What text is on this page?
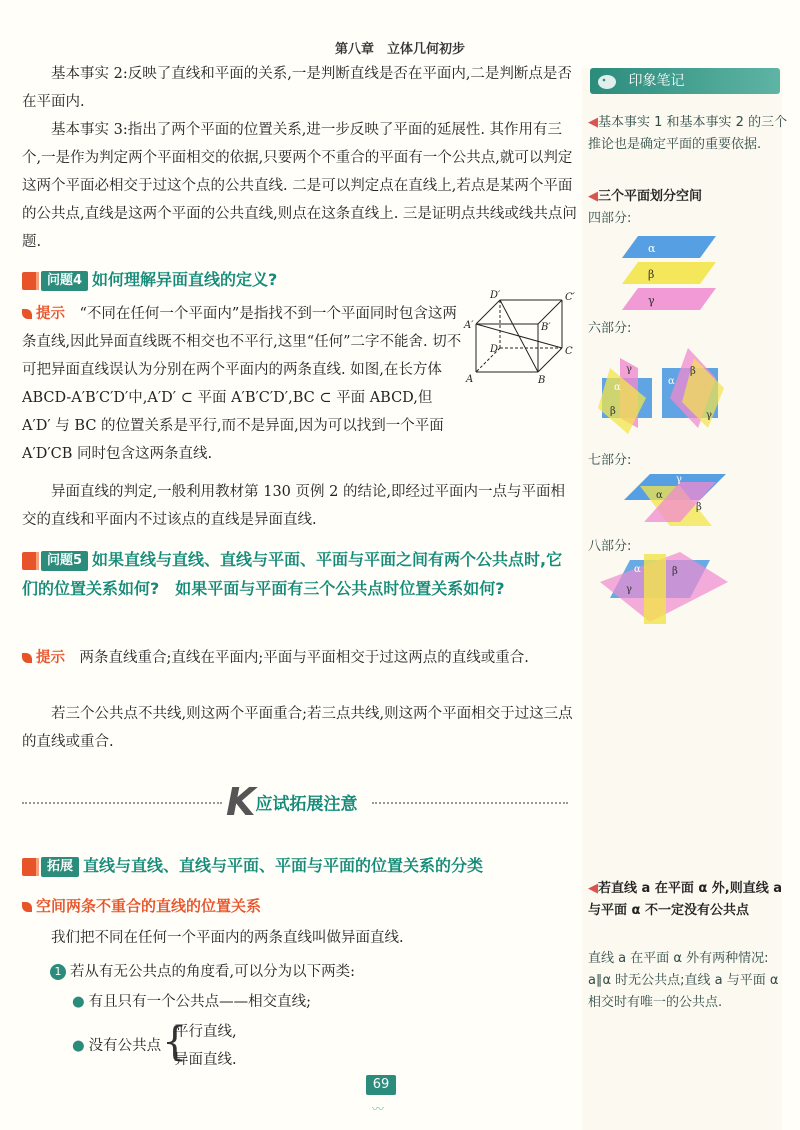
第八章　立体几何初步
印象笔记
◀基本事实 1 和基本事实 2 的三个推论也是确定平面的重要依据.
◀三个平面划分空间
四部分:
α
β
γ
六部分:
α
β
γ
α
β
γ
七部分:
γ
α
β
八部分:
α	β
γ
◀若直线 a 在平面 α 外,则直线 a 与平面 α 不一定没有公共点
直线 a 在平面 α 外有两种情况: a∥α 时无公共点;直线 a 与平面 α 相交时有唯一的公共点.
基本事实 2:反映了直线和平面的关系,一是判断直线是否在平面内,二是判断点是否在平面内.
基本事实 3:指出了两个平面的位置关系,进一步反映了平面的延展性. 其作用有三个,一是作为判定两个平面相交的依据,只要两个不重合的平面有一个公共点,就可以判定这两个平面必相交于过这个点的公共直线. 二是可以判定点在直线上,若点是某两个平面的公共点,直线是这两个平面的公共直线,则点在这条直线上. 三是证明点共线或线共点问题.
问题4 如何理解异面直线的定义?
A′
D′	C′
B′
D	C
A	B
提示　 “不同在任何一个平面内”是指找不到一个平面同时包含这两条直线,因此异面直线既不相交也不平行,这里“任何”二字不能舍. 切不可把异面直线误认为分别在两个平面内的两条直线. 如图,在长方体 ABCD-A′B′C′D′中,A′D′ ⊂ 平面 A′B′C′D′,BC ⊂ 平面 ABCD,但 A′D′ 与 BC 的位置关系是平行,而不是异面,因为可以找到一个平面 A′D′CB 同时包含这两条直线.
异面直线的判定,一般利用教材第 130 页例 2 的结论,即经过平面内一点与平面相交的直线和平面内不过该点的直线是异面直线.
问题5 如果直线与直线、直线与平面、平面与平面之间有两个公共点时,它们的位置关系如何?　如果平面与平面有三个公共点时位置关系如何?
提示　 两条直线重合;直线在平面内;平面与平面相交于过这两点的直线或重合.
若三个公共点不共线,则这两个平面重合;若三点共线,则这两个平面相交于过这三点的直线或重合.
K应试拓展注意
拓展 直线与直线、直线与平面、平面与平面的位置关系的分类
空间两条不重合的直线的位置关系
我们把不同在任何一个平面内的两条直线叫做异面直线.
1 若从有无公共点的角度看,可以分为以下两类:
● 有且只有一个公共点——相交直线;
● 没有公共点 {
平行直线,
异面直线.
69
〰
